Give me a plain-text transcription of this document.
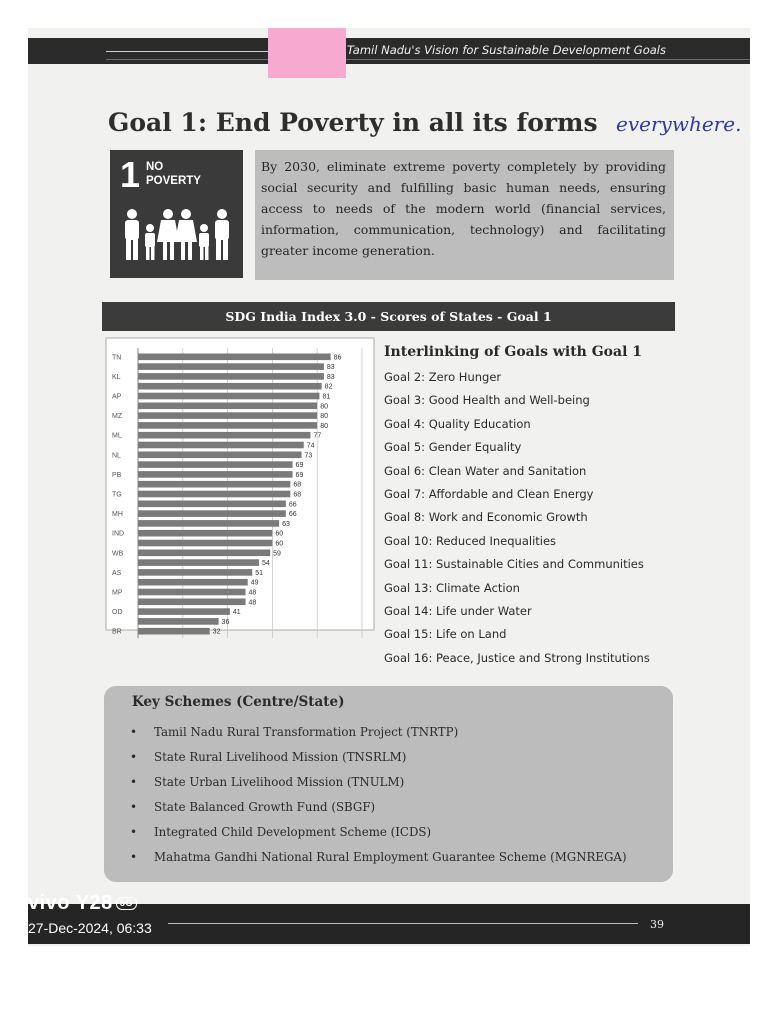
Tamil Nadu's Vision for Sustainable Development Goals
Goal 1: End Poverty in all its forms everywhere.
1 NO
POVERTY
By 2030, eliminate extreme poverty completely by providing social security and fulfilling basic human needs, ensuring access to needs of the modern world (financial services, information, communication, technology) and facilitating greater income generation.
SDG India Index 3.0 - Scores of States - Goal 1
86
83
83
82
81
80
80
80
77
74
73
69
69
68
68
66
66
63
60
60
59
54
51
49
48
48
41
36
32
TN
KL
AP
MZ
ML
NL
PB
TG
MH
IND
WB
AS
MP
OD
BR
Interlinking of Goals with Goal 1
Goal 2: Zero Hunger
Goal 3: Good Health and Well-being
Goal 4: Quality Education
Goal 5: Gender Equality
Goal 6: Clean Water and Sanitation
Goal 7: Affordable and Clean Energy
Goal 8: Work and Economic Growth
Goal 10: Reduced Inequalities
Goal 11: Sustainable Cities and Communities
Goal 13: Climate Action
Goal 14: Life under Water
Goal 15: Life on Land
Goal 16: Peace, Justice and Strong Institutions
Key Schemes (Centre/State)
• Tamil Nadu Rural Transformation Project (TNRTP)
• State Rural Livelihood Mission (TNSRLM)
• State Urban Livelihood Mission (TNULM)
• State Balanced Growth Fund (SBGF)
• Integrated Child Development Scheme (ICDS)
• Mahatma Gandhi National Rural Employment Guarantee Scheme (MGNREGA)
39
vivo Y28 5G
27-Dec-2024, 06:33
